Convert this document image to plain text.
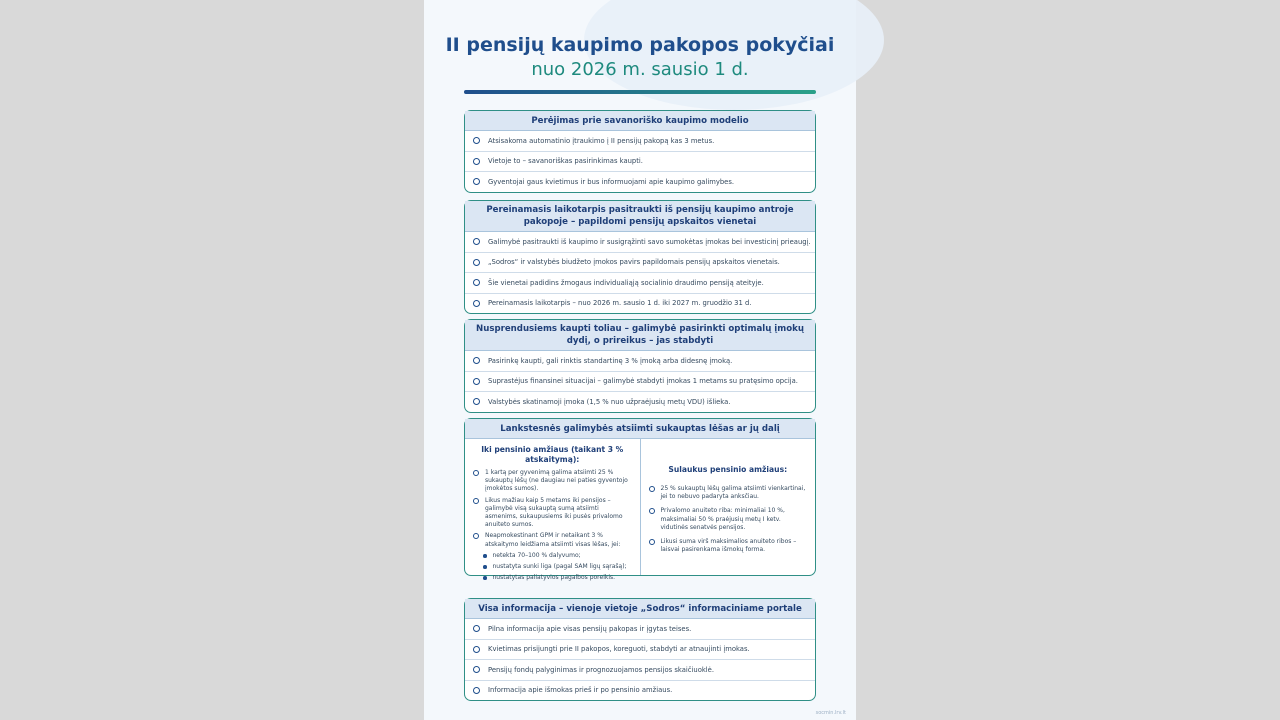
II pensijų kaupimo pakopos pokyčiai
nuo 2026 m. sausio 1 d.
Perėjimas prie savanoriško kaupimo modelio
Atsisakoma automatinio įtraukimo į II pensijų pakopą kas 3 metus.
Vietoje to – savanoriškas pasirinkimas kaupti.
Gyventojai gaus kvietimus ir bus informuojami apie kaupimo galimybes.
Pereinamasis laikotarpis pasitraukti iš pensijų kaupimo antroje pakopoje – papildomi pensijų apskaitos vienetai
Galimybė pasitraukti iš kaupimo ir susigrąžinti savo sumokėtas įmokas bei investicinį prieaugį.
„Sodros“ ir valstybės biudžeto įmokos pavirs papildomais pensijų apskaitos vienetais.
Šie vienetai padidins žmogaus individualiąją socialinio draudimo pensiją ateityje.
Pereinamasis laikotarpis – nuo 2026 m. sausio 1 d. iki 2027 m. gruodžio 31 d.
Nusprendusiems kaupti toliau – galimybė pasirinkti optimalų įmokų dydį, o prireikus – jas stabdyti
Pasirinkę kaupti, gali rinktis standartinę 3 % įmoką arba didesnę įmoką.
Suprastėjus finansinei situacijai – galimybė stabdyti įmokas 1 metams su pratęsimo opcija.
Valstybės skatinamoji įmoka (1,5 % nuo užpraėjusių metų VDU) išlieka.
Lankstesnės galimybės atsiimti sukauptas lėšas ar jų dalį
Iki pensinio amžiaus (taikant 3 % atskaitymą):
1 kartą per gyvenimą galima atsiimti 25 % sukauptų lėšų (ne daugiau nei paties gyventojo įmokėtos sumos).
Likus mažiau kaip 5 metams iki pensijos – galimybė visą sukauptą sumą atsiimti asmenims, sukaupusiems iki pusės privalomo anuiteto sumos.
Neapmokestinant GPM ir netaikant 3 % atskaitymo leidžiama atsiimti visas lėšas, jei:
netekta 70–100 % dalyvumo;
nustatyta sunki liga (pagal SAM ligų sąrašą);
nustatytas paliatyvios pagalbos poreikis.
Sulaukus pensinio amžiaus:
25 % sukauptų lėšų galima atsiimti vienkartinai, jei to nebuvo padaryta anksčiau.
Privalomo anuiteto riba: minimaliai 10 %, maksimaliai 50 % praėjusių metų I ketv. vidutinės senatvės pensijos.
Likusi suma virš maksimalios anuiteto ribos – laisvai pasirenkama išmokų forma.
Visa informacija – vienoje vietoje „Sodros“ informaciniame portale
Pilna informacija apie visas pensijų pakopas ir įgytas teises.
Kvietimas prisijungti prie II pakopos, koreguoti, stabdyti ar atnaujinti įmokas.
Pensijų fondų palyginimas ir prognozuojamos pensijos skaičiuoklė.
Informacija apie išmokas prieš ir po pensinio amžiaus.
socmin.lrv.lt
